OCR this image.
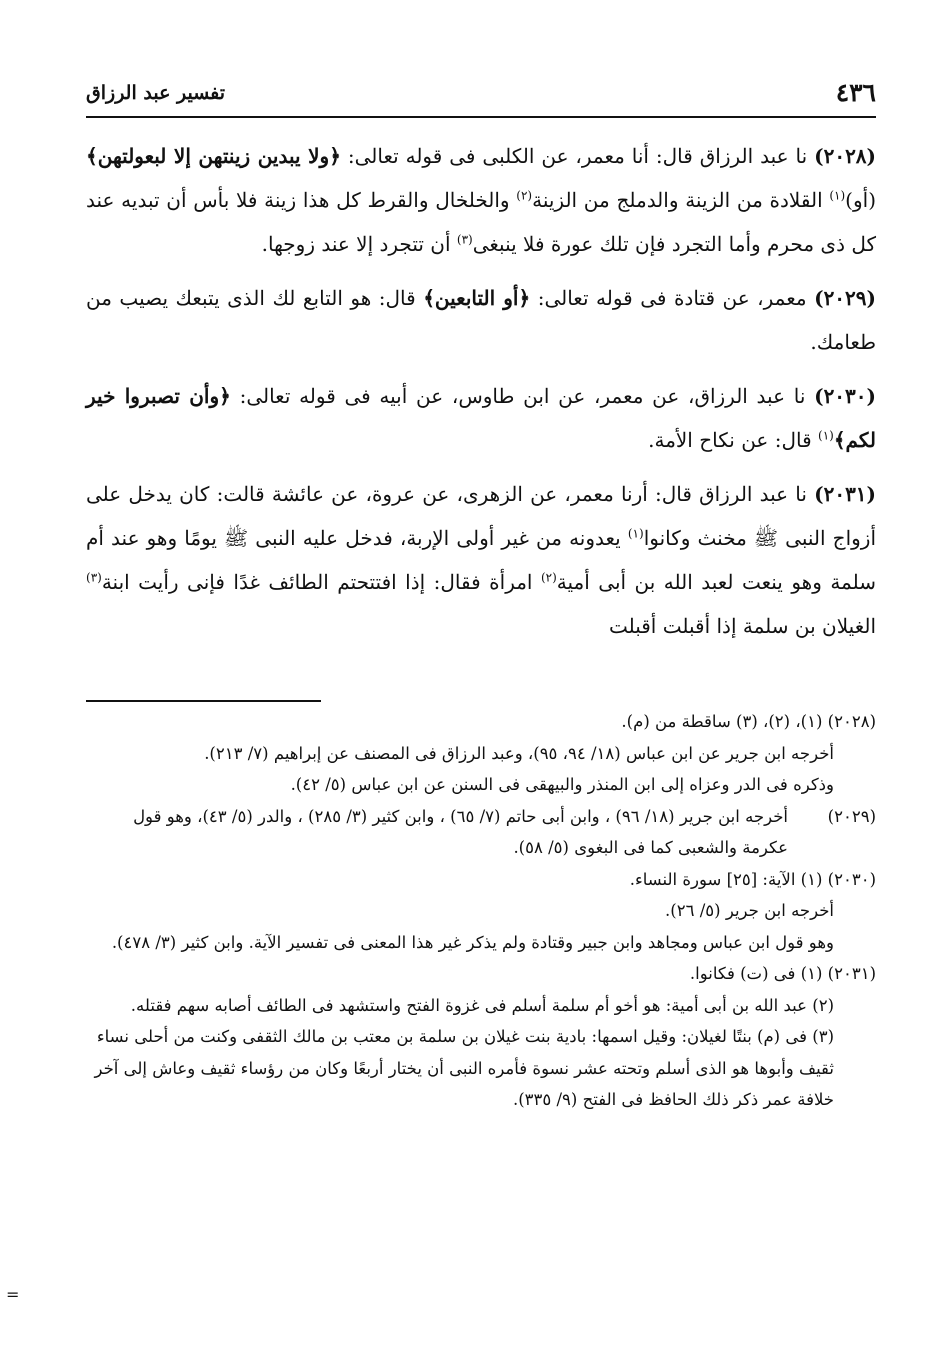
٤٣٦
تفسير عبد الرزاق

(٢٠٢٨) نا عبد الرزاق قال: أنا معمر، عن الكلبى فى قوله تعالى: ﴿ولا يبدين زينتهن إلا لبعولتهن﴾ (أو)$^{(١)}$ القلادة من الزينة والدملج من الزينة$^{(٢)}$ والخلخال والقرط كل هذا زينة فلا بأس أن تبديه عند كل ذى محرم وأما التجرد فإن تلك عورة فلا ينبغى$^{(٣)}$ أن تتجرد إلا عند زوجها.

(٢٠٢٩) معمر، عن قتادة فى قوله تعالى: ﴿أو التابعين﴾ قال: هو التابع لك الذى يتبعك يصيب من طعامك.

(٢٠٣٠) نا عبد الرزاق، عن معمر، عن ابن طاوس، عن أبيه فى قوله تعالى: ﴿وأن تصبروا خير لكم﴾$^{(١)}$ قال: عن نكاح الأمة.

(٢٠٣١) نا عبد الرزاق قال: أرنا معمر، عن الزهرى، عن عروة، عن عائشة قالت: كان يدخل على أزواج النبى ﷺ مخنث وكانوا$^{(١)}$ يعدونه من غير أولى الإربة، فدخل عليه النبى ﷺ يومًا وهو عند أم سلمة وهو ينعت لعبد الله بن أبى أمية$^{(٢)}$ امرأة فقال: إذا افتتحتم الطائف غدًا فإنى رأيت ابنة$^{(٣)}$ الغيلان بن سلمة إذا أقبلت أقبلت

(٢٠٢٨) (١)، (٢)، (٣) ساقطة من (م).

أخرجه ابن جرير عن ابن عباس (١٨/ ٩٤، ٩٥)، وعبد الرزاق فى المصنف عن إبراهيم (٧/ ٢١٣).

وذكره فى الدر وعزاه إلى ابن المنذر والبيهقى فى السنن عن ابن عباس (٥/ ٤٢).

(٢٠٢٩)
أخرجه ابن جرير (١٨/ ٩٦) ، وابن أبى حاتم (٧/ ٦٥) ، وابن كثير (٣/ ٢٨٥) ، والدر (٥/ ٤٣)، وهو قول عكرمة والشعبى كما فى البغوى (٥/ ٥٨).

(٢٠٣٠) (١) الآية: [٢٥] سورة النساء.

أخرجه ابن جرير (٥/ ٢٦).

وهو قول ابن عباس ومجاهد وابن جبير وقتادة ولم يذكر غير هذا المعنى فى تفسير الآية. وابن كثير (٣/ ٤٧٨).

(٢٠٣١) (١) فى (ت) فكانوا.

(٢) عبد الله بن أبى أمية: هو أخو أم سلمة أسلم فى غزوة الفتح واستشهد فى الطائف أصابه سهم فقتله.

(٣) فى (م) بنتًا لغيلان: وقيل اسمها: بادية بنت غيلان بن سلمة بن معتب بن مالك الثقفى وكنت من أحلى نساء ثقيف وأبوها هو الذى أسلم وتحته عشر نسوة فأمره النبى أن يختار أربعًا وكان من رؤساء ثقيف وعاش إلى آخر خلافة عمر ذكر ذلك الحافظ فى الفتح (٩/ ٣٣٥).

=
